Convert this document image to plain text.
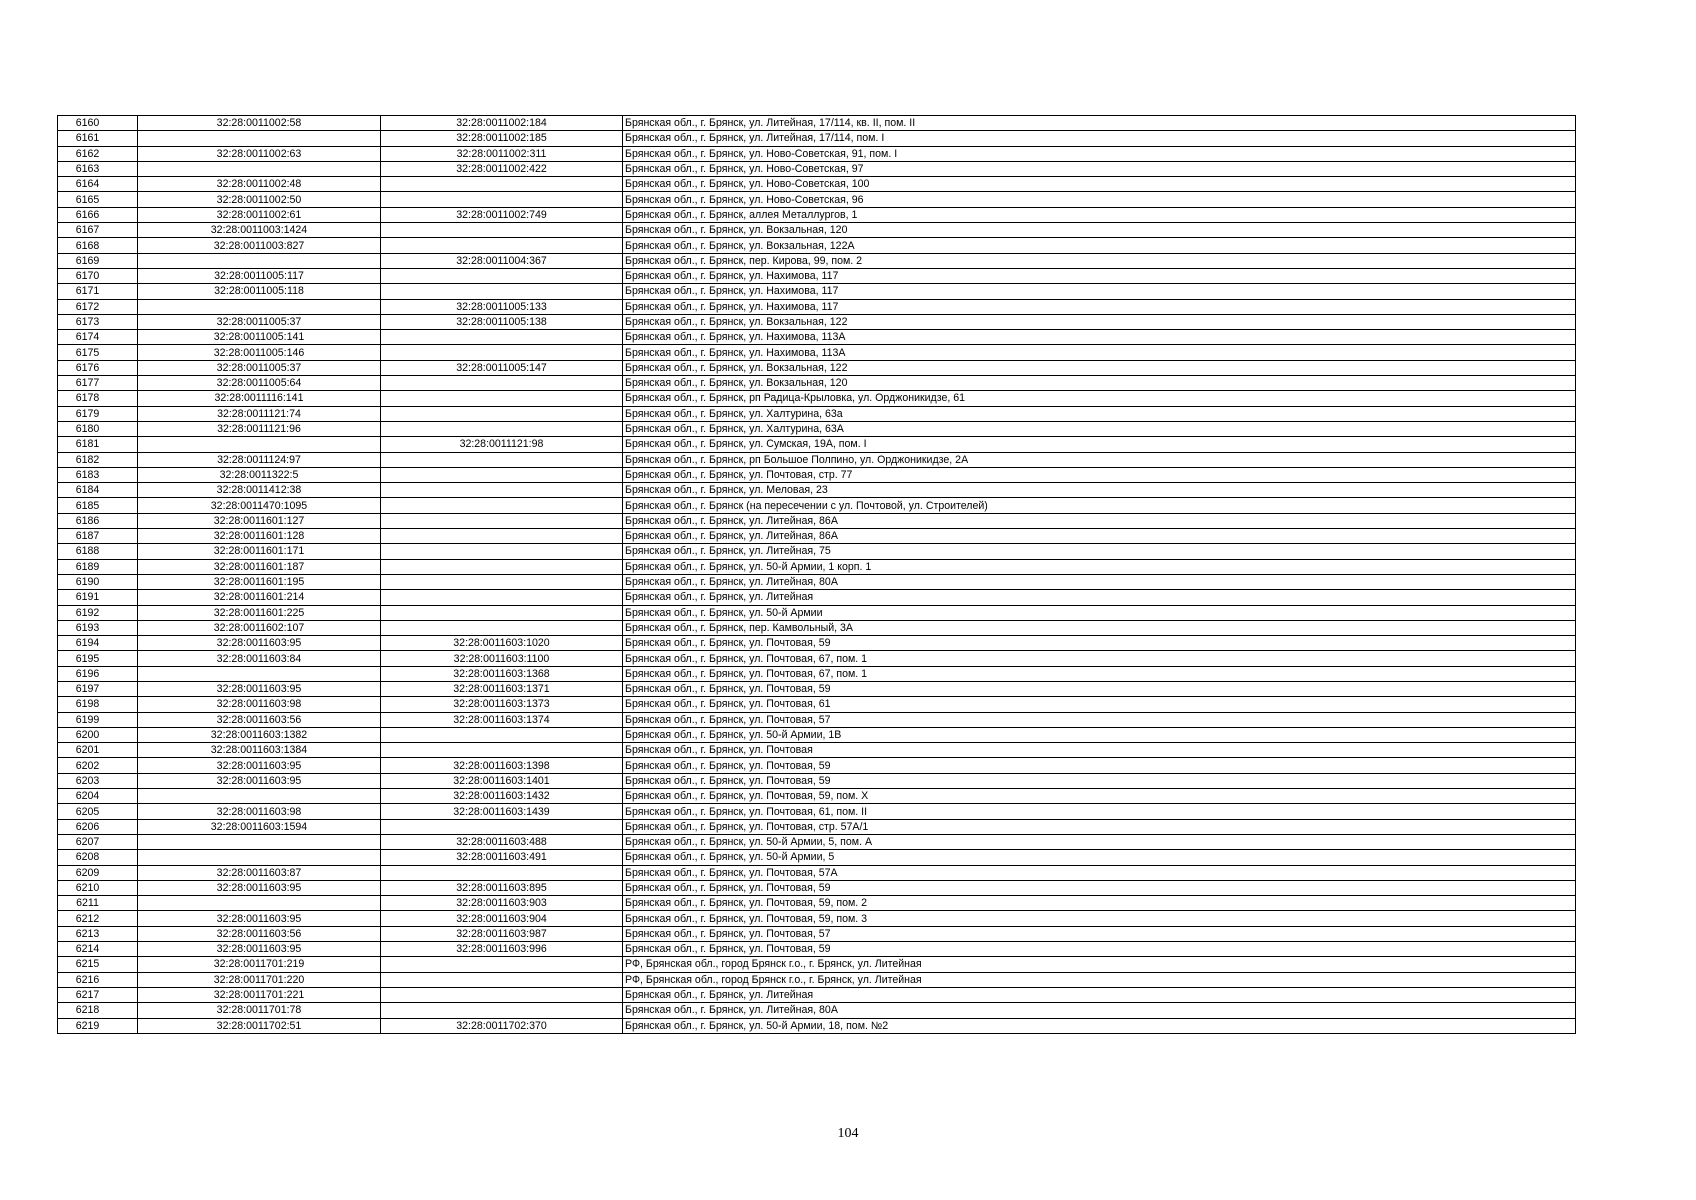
6160	32:28:0011002:58	32:28:0011002:184	Брянская обл., г. Брянск, ул. Литейная, 17/114, кв. II, пом. II
6161		32:28:0011002:185	Брянская обл., г. Брянск, ул. Литейная, 17/114, пом. I
6162	32:28:0011002:63	32:28:0011002:311	Брянская обл., г. Брянск, ул. Ново-Советская, 91, пом. I
6163		32:28:0011002:422	Брянская обл., г. Брянск, ул. Ново-Советская, 97
6164	32:28:0011002:48		Брянская обл., г. Брянск, ул. Ново-Советская, 100
6165	32:28:0011002:50		Брянская обл., г. Брянск, ул. Ново-Советская, 96
6166	32:28:0011002:61	32:28:0011002:749	Брянская обл., г. Брянск, аллея Металлургов, 1
6167	32:28:0011003:1424		Брянская обл., г. Брянск, ул. Вокзальная, 120
6168	32:28:0011003:827		Брянская обл., г. Брянск, ул. Вокзальная, 122А
6169		32:28:0011004:367	Брянская обл., г. Брянск, пер. Кирова, 99, пом. 2
6170	32:28:0011005:117		Брянская обл., г. Брянск, ул. Нахимова, 117
6171	32:28:0011005:118		Брянская обл., г. Брянск, ул. Нахимова, 117
6172		32:28:0011005:133	Брянская обл., г. Брянск, ул. Нахимова, 117
6173	32:28:0011005:37	32:28:0011005:138	Брянская обл., г. Брянск, ул. Вокзальная, 122
6174	32:28:0011005:141		Брянская обл., г. Брянск, ул. Нахимова, 113А
6175	32:28:0011005:146		Брянская обл., г. Брянск, ул. Нахимова, 113А
6176	32:28:0011005:37	32:28:0011005:147	Брянская обл., г. Брянск, ул. Вокзальная, 122
6177	32:28:0011005:64		Брянская обл., г. Брянск, ул. Вокзальная, 120
6178	32:28:0011116:141		Брянская обл., г. Брянск, рп Радица-Крыловка, ул. Орджоникидзе, 61
6179	32:28:0011121:74		Брянская обл., г. Брянск, ул. Халтурина, 63а
6180	32:28:0011121:96		Брянская обл., г. Брянск, ул. Халтурина, 63А
6181		32:28:0011121:98	Брянская обл., г. Брянск, ул. Сумская, 19А, пом. I
6182	32:28:0011124:97		Брянская обл., г. Брянск, рп Большое Полпино, ул. Орджоникидзе, 2А
6183	32:28:0011322:5		Брянская обл., г. Брянск, ул. Почтовая, стр. 77
6184	32:28:0011412:38		Брянская обл., г. Брянск, ул. Меловая, 23
6185	32:28:0011470:1095		Брянская обл., г. Брянск (на пересечении с ул. Почтовой, ул. Строителей)
6186	32:28:0011601:127		Брянская обл., г. Брянск, ул. Литейная, 86А
6187	32:28:0011601:128		Брянская обл., г. Брянск, ул. Литейная, 86А
6188	32:28:0011601:171		Брянская обл., г. Брянск, ул. Литейная, 75
6189	32:28:0011601:187		Брянская обл., г. Брянск, ул. 50-й Армии, 1 корп. 1
6190	32:28:0011601:195		Брянская обл., г. Брянск, ул. Литейная, 80А
6191	32:28:0011601:214		Брянская обл., г. Брянск, ул. Литейная
6192	32:28:0011601:225		Брянская обл., г. Брянск, ул. 50-й Армии
6193	32:28:0011602:107		Брянская обл., г. Брянск, пер. Камвольный, 3А
6194	32:28:0011603:95	32:28:0011603:1020	Брянская обл., г. Брянск, ул. Почтовая, 59
6195	32:28:0011603:84	32:28:0011603:1100	Брянская обл., г. Брянск, ул. Почтовая, 67, пом. 1
6196		32:28:0011603:1368	Брянская обл., г. Брянск, ул. Почтовая, 67, пом. 1
6197	32:28:0011603:95	32:28:0011603:1371	Брянская обл., г. Брянск, ул. Почтовая, 59
6198	32:28:0011603:98	32:28:0011603:1373	Брянская обл., г. Брянск, ул. Почтовая, 61
6199	32:28:0011603:56	32:28:0011603:1374	Брянская обл., г. Брянск, ул. Почтовая, 57
6200	32:28:0011603:1382		Брянская обл., г. Брянск, ул. 50-й Армии, 1В
6201	32:28:0011603:1384		Брянская обл., г. Брянск, ул. Почтовая
6202	32:28:0011603:95	32:28:0011603:1398	Брянская обл., г. Брянск, ул. Почтовая, 59
6203	32:28:0011603:95	32:28:0011603:1401	Брянская обл., г. Брянск, ул. Почтовая, 59
6204		32:28:0011603:1432	Брянская обл., г. Брянск, ул. Почтовая, 59, пом. X
6205	32:28:0011603:98	32:28:0011603:1439	Брянская обл., г. Брянск, ул. Почтовая, 61, пом. II
6206	32:28:0011603:1594		Брянская обл., г. Брянск, ул. Почтовая, стр. 57А/1
6207		32:28:0011603:488	Брянская обл., г. Брянск, ул. 50-й Армии, 5, пом. А
6208		32:28:0011603:491	Брянская обл., г. Брянск, ул. 50-й Армии, 5
6209	32:28:0011603:87		Брянская обл., г. Брянск, ул. Почтовая, 57А
6210	32:28:0011603:95	32:28:0011603:895	Брянская обл., г. Брянск, ул. Почтовая, 59
6211		32:28:0011603:903	Брянская обл., г. Брянск, ул. Почтовая, 59, пом. 2
6212	32:28:0011603:95	32:28:0011603:904	Брянская обл., г. Брянск, ул. Почтовая, 59, пом. 3
6213	32:28:0011603:56	32:28:0011603:987	Брянская обл., г. Брянск, ул. Почтовая, 57
6214	32:28:0011603:95	32:28:0011603:996	Брянская обл., г. Брянск, ул. Почтовая, 59
6215	32:28:0011701:219		РФ, Брянская обл., город Брянск г.о., г. Брянск, ул. Литейная
6216	32:28:0011701:220		РФ, Брянская обл., город Брянск г.о., г. Брянск, ул. Литейная
6217	32:28:0011701:221		Брянская обл., г. Брянск, ул. Литейная
6218	32:28:0011701:78		Брянская обл., г. Брянск, ул. Литейная, 80А
6219	32:28:0011702:51	32:28:0011702:370	Брянская обл., г. Брянск, ул. 50-й Армии, 18, пом. №2
104
